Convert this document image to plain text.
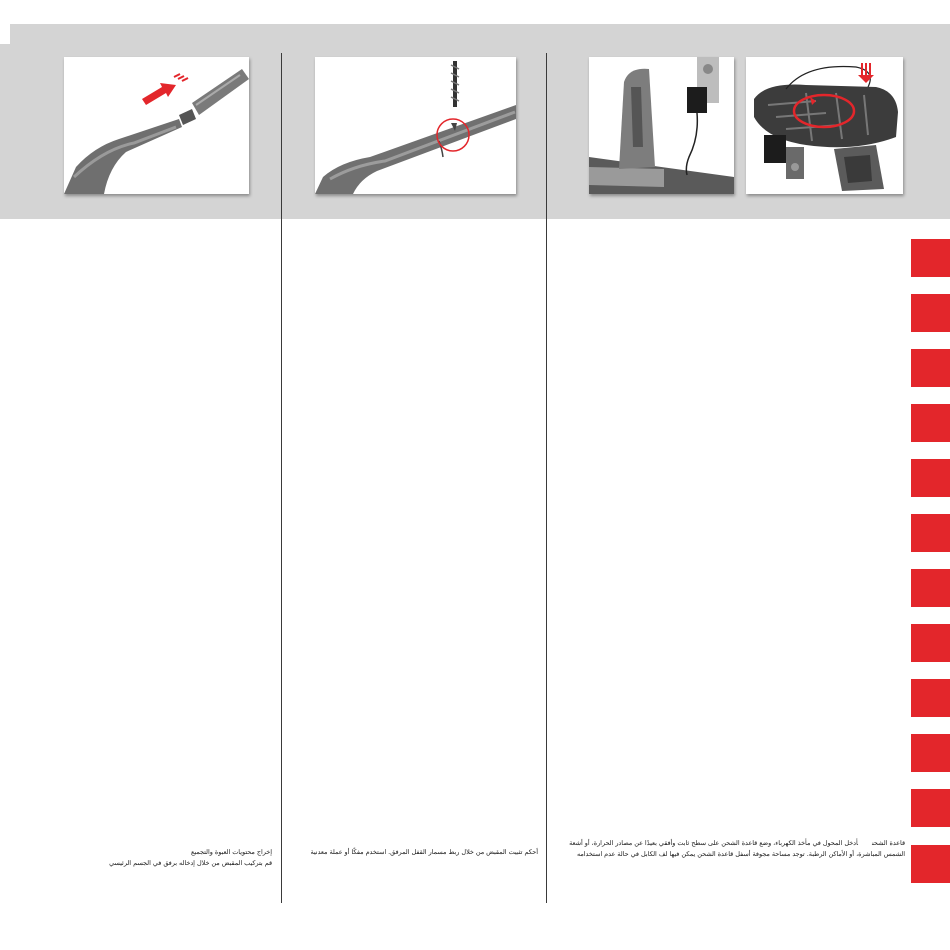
إخراج محتويات العبوة والتجميع
قم بتركيب المقبض من خلال إدخاله برفق في الجسم الرئيسي
أحكم تثبيت المقبض من خلال ربط مسمار القفل المرفق. استخدم مفكًا أو عملة معدنية
قاعدة الشحنأدخل المحول في مأخذ الكهرباء، وضع قاعدة الشحن على سطح ثابت وأفقي بعيدًا عن مصادر الحرارة، أو أشعة الشمس المباشرة، أو الأماكن الرطبة. توجد مساحة مجوفة أسفل قاعدة الشحن يمكن فيها لف الكابل في حالة عدم استخدامه
